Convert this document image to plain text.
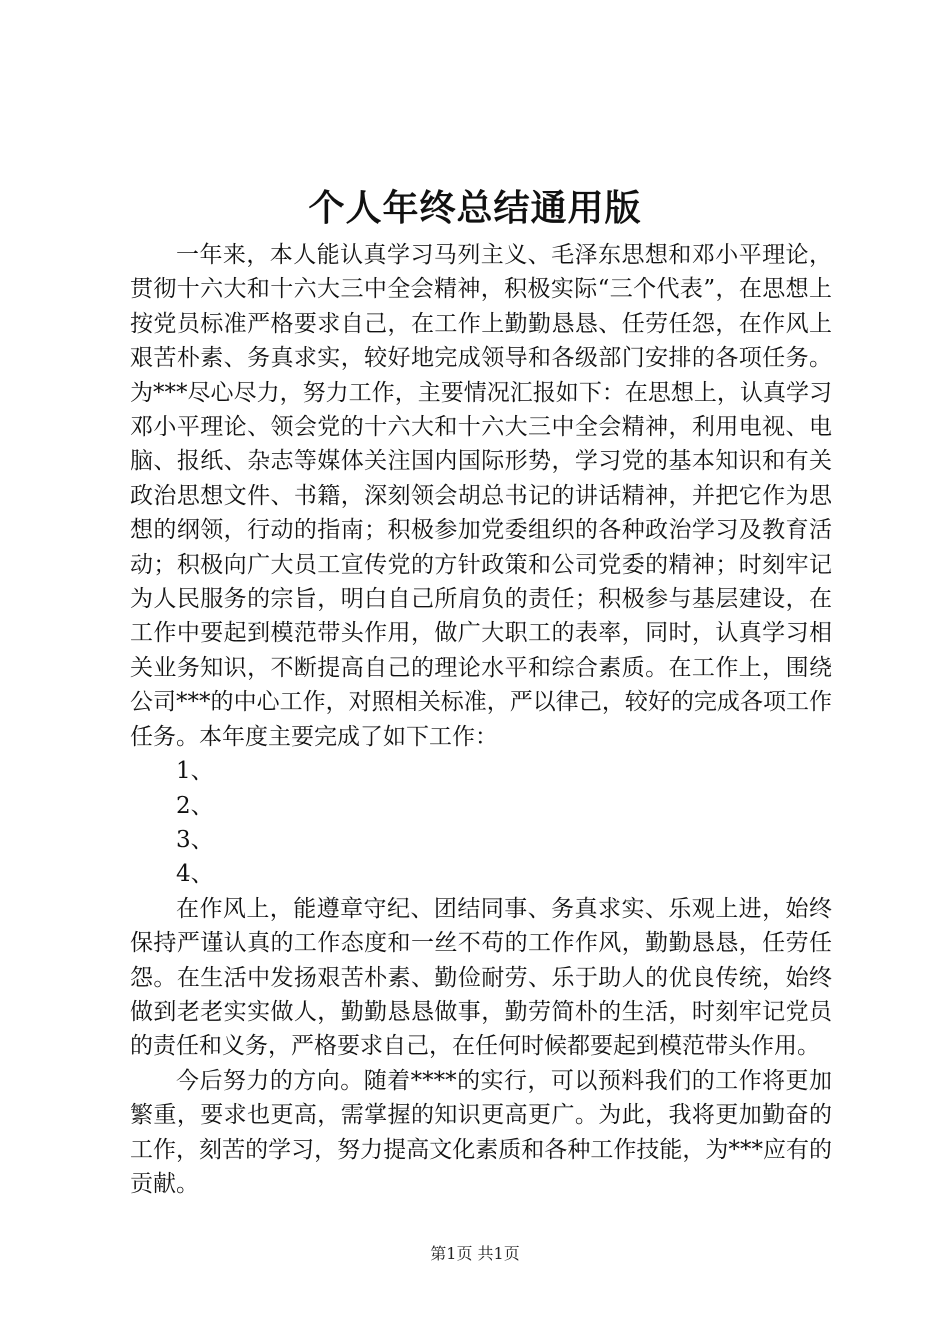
个人年终总结通用版

一年来，本人能认真学习马列主义、毛泽东思想和邓小平理论，贯彻十六大和十六大三中全会精神，积极实际“三个代表”，在思想上按党员标准严格要求自己，在工作上勤勤恳恳、任劳任怨，在作风上艰苦朴素、务真求实，较好地完成领导和各级部门安排的各项任务。为***尽心尽力，努力工作，主要情况汇报如下：在思想上，认真学习邓小平理论、领会党的十六大和十六大三中全会精神，利用电视、电脑、报纸、杂志等媒体关注国内国际形势，学习党的基本知识和有关政治思想文件、书籍，深刻领会胡总书记的讲话精神，并把它作为思想的纲领，行动的指南；积极参加党委组织的各种政治学习及教育活动；积极向广大员工宣传党的方针政策和公司党委的精神；时刻牢记为人民服务的宗旨，明白自己所肩负的责任；积极参与基层建设，在工作中要起到模范带头作用，做广大职工的表率，同时，认真学习相关业务知识，不断提高自己的理论水平和综合素质。在工作上，围绕公司***的中心工作，对照相关标准，严以律己，较好的完成各项工作任务。本年度主要完成了如下工作：

1、
2、
3、
4、

在作风上，能遵章守纪、团结同事、务真求实、乐观上进，始终保持严谨认真的工作态度和一丝不苟的工作作风，勤勤恳恳，任劳任怨。在生活中发扬艰苦朴素、勤俭耐劳、乐于助人的优良传统，始终做到老老实实做人，勤勤恳恳做事，勤劳简朴的生活，时刻牢记党员的责任和义务，严格要求自己，在任何时候都要起到模范带头作用。

今后努力的方向。随着****的实行，可以预料我们的工作将更加繁重，要求也更高，需掌握的知识更高更广。为此，我将更加勤奋的工作，刻苦的学习，努力提高文化素质和各种工作技能，为***应有的贡献。

第1页 共1页
